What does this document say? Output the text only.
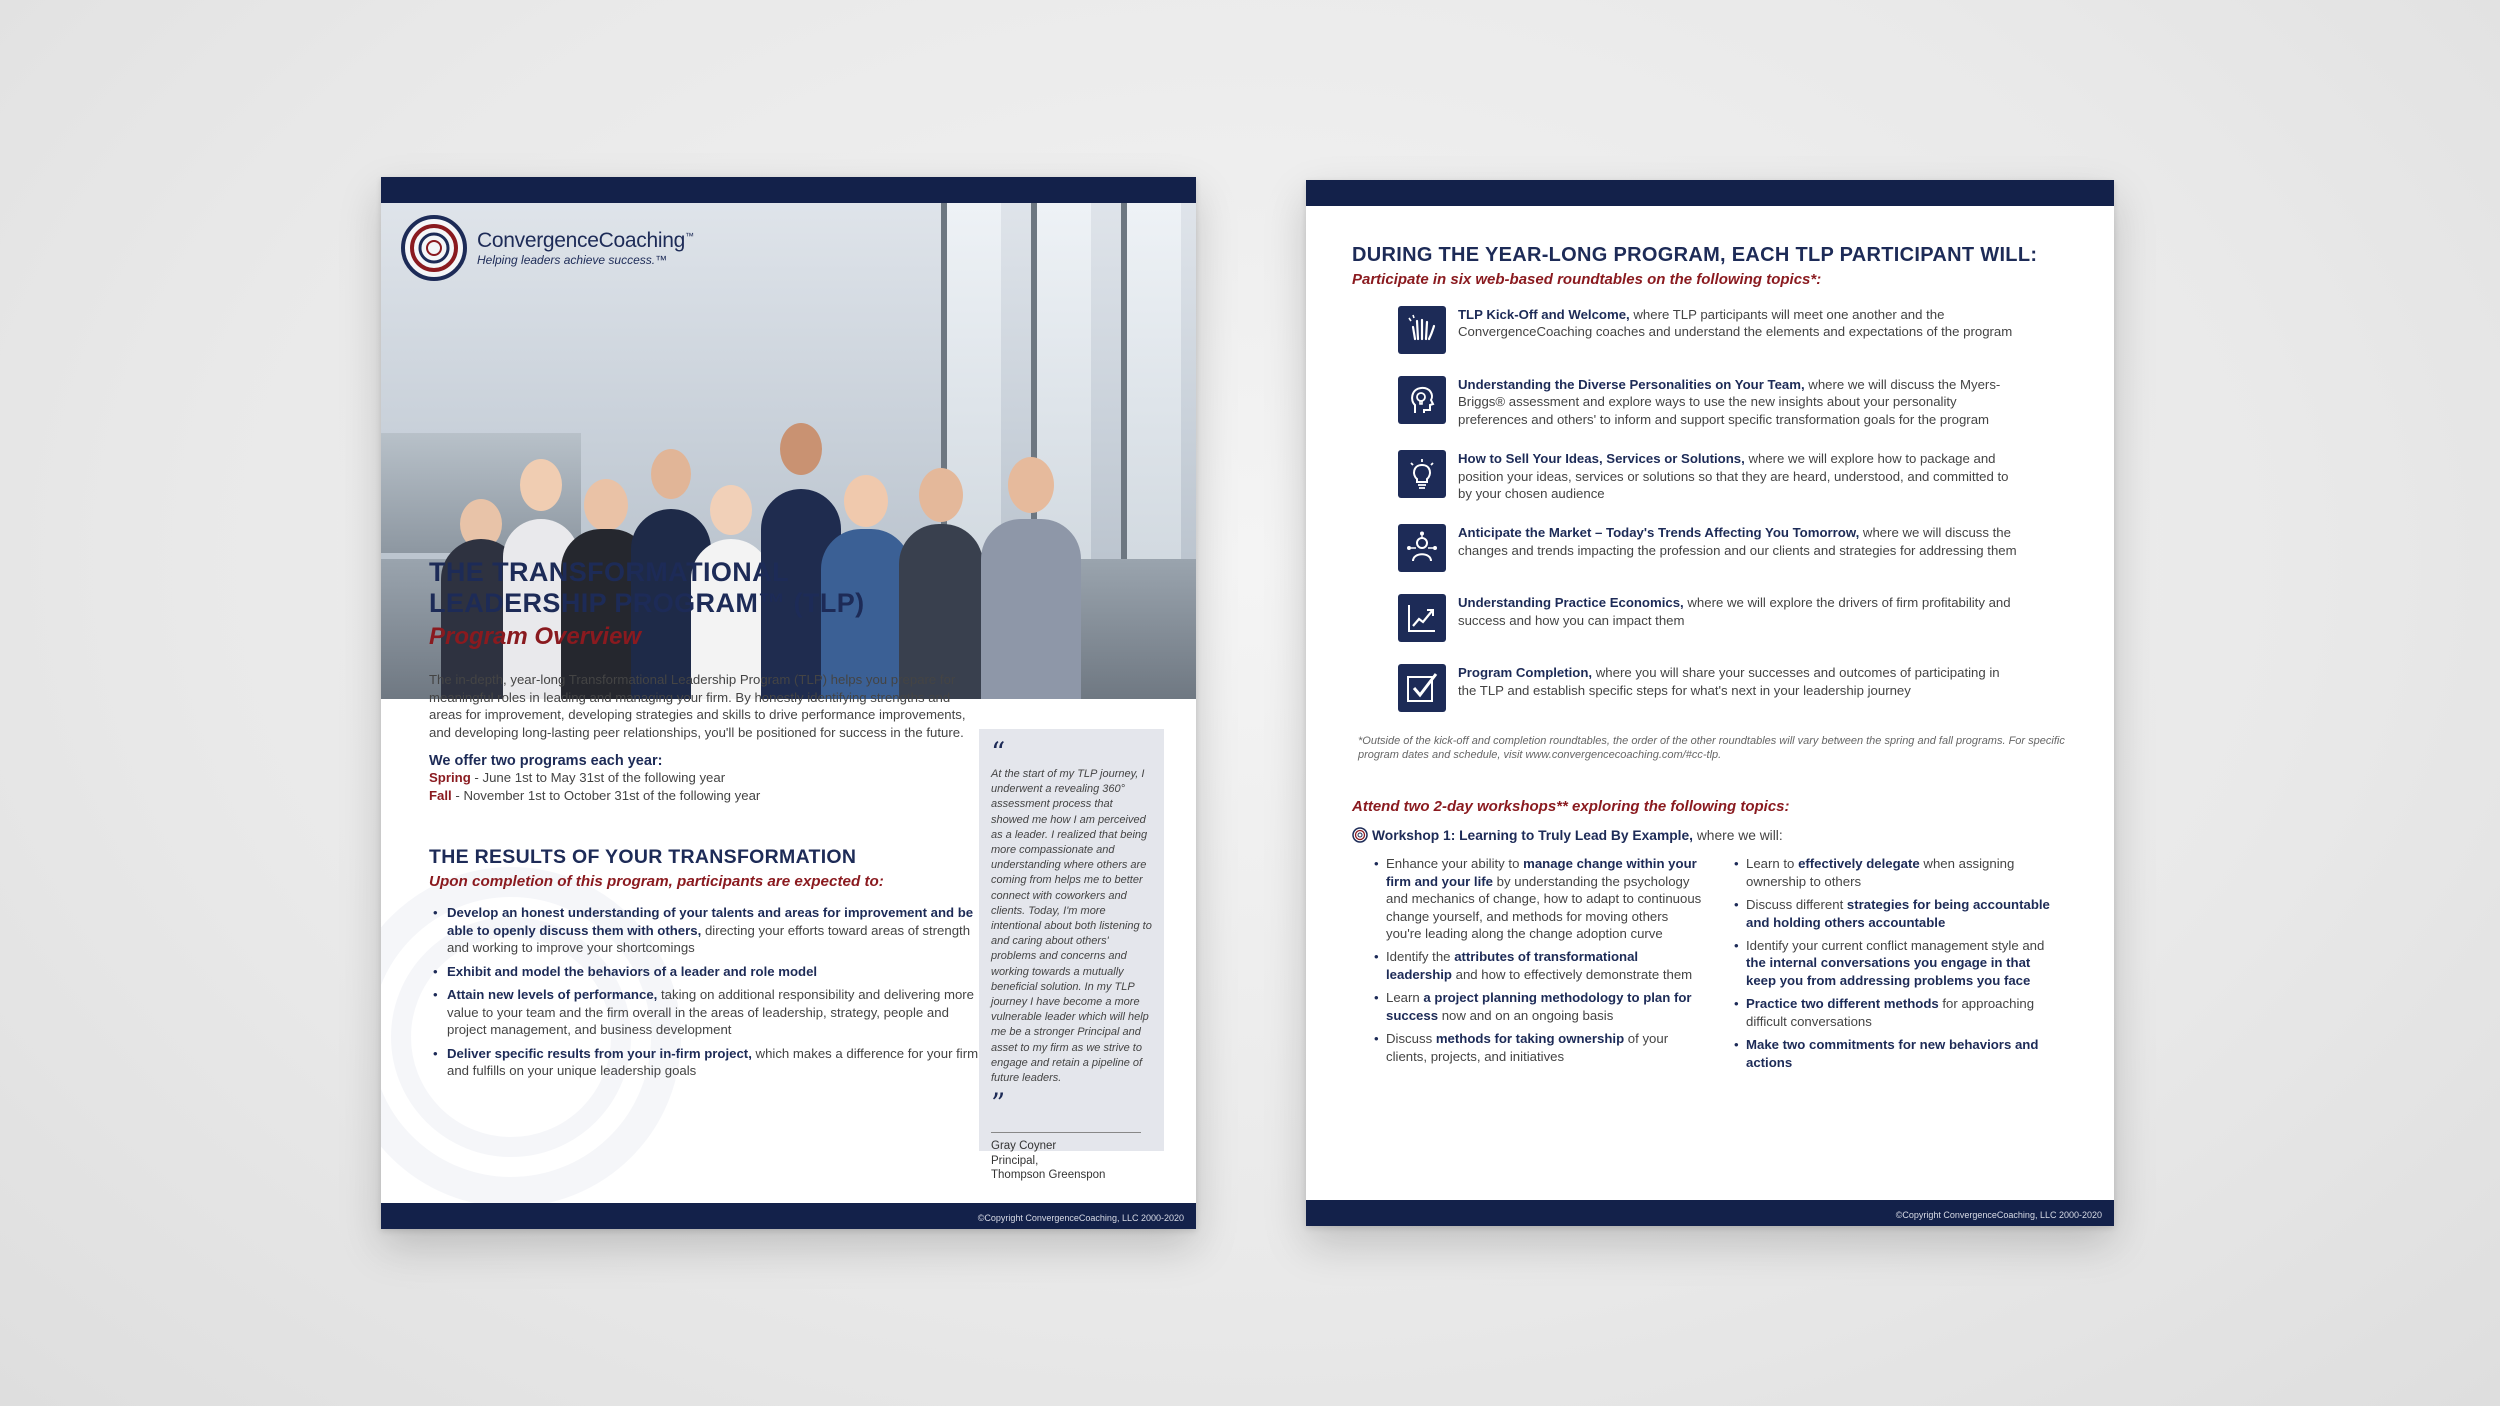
ConvergenceCoaching™
Helping leaders achieve success.™
THE TRANSFORMATIONAL
LEADERSHIP PROGRAM™ (TLP)
Program Overview

The in-depth, year-long Transformational Leadership Program (TLP) helps you prepare for meaningful roles in leading and managing your firm. By honestly identifying strengths and areas for improvement, developing strategies and skills to drive performance improvements, and developing long-lasting peer relationships, you'll be positioned for success in the future.

We offer two programs each year:
Spring - June 1st to May 31st of the following year
Fall - November 1st to October 31st of the following year
THE RESULTS OF YOUR TRANSFORMATION
Upon completion of this program, participants are expected to:
• Develop an honest understanding of your talents and areas for improvement and be able to openly discuss them with others, directing your efforts toward areas of strength and working to improve your shortcomings
• Exhibit and model the behaviors of a leader and role model
• Attain new levels of performance, taking on additional responsibility and delivering more value to your team and the firm overall in the areas of leadership, strategy, people and project management, and business development
• Deliver specific results from your in-firm project, which makes a difference for your firm and fulfills on your unique leadership goals
“

At the start of my TLP journey, I underwent a revealing 360° assessment process that showed me how I am perceived as a leader. I realized that being more compassionate and understanding where others are coming from helps me to better connect with coworkers and clients. Today, I'm more intentional about both listening to and caring about others' problems and concerns and working towards a mutually beneficial solution. In my TLP journey I have become a more vulnerable leader which will help me be a stronger Principal and asset to my firm as we strive to engage and retain a pipeline of future leaders.

”
Gray Coyner
Principal,
Thompson Greenspon
©Copyright ConvergenceCoaching, LLC 2000-2020
DURING THE YEAR-LONG PROGRAM, EACH TLP PARTICIPANT WILL:
Participate in six web-based roundtables on the following topics*:
TLP Kick-Off and Welcome, where TLP participants will meet one another and the ConvergenceCoaching coaches and understand the elements and expectations of the program
Understanding the Diverse Personalities on Your Team, where we will discuss the Myers-Briggs® assessment and explore ways to use the new insights about your personality preferences and others' to inform and support specific transformation goals for the program
How to Sell Your Ideas, Services or Solutions, where we will explore how to package and position your ideas, services or solutions so that they are heard, understood, and committed to by your chosen audience
Anticipate the Market – Today's Trends Affecting You Tomorrow, where we will discuss the changes and trends impacting the profession and our clients and strategies for addressing them
Understanding Practice Economics, where we will explore the drivers of firm profitability and success and how you can impact them
Program Completion, where you will share your successes and outcomes of participating in the TLP and establish specific steps for what's next in your leadership journey

*Outside of the kick-off and completion roundtables, the order of the other roundtables will vary between the spring and fall programs. For specific program dates and schedule, visit www.convergencecoaching.com/#cc-tlp.

Attend two 2-day workshops** exploring the following topics:
Workshop 1: Learning to Truly Lead By Example, where we will:
• Enhance your ability to manage change within your firm and your life by understanding the psychology and mechanics of change, how to adapt to continuous change yourself, and methods for moving others you're leading along the change adoption curve
• Identify the attributes of transformational leadership and how to effectively demonstrate them
• Learn a project planning methodology to plan for success now and on an ongoing basis
• Discuss methods for taking ownership of your clients, projects, and initiatives
• Learn to effectively delegate when assigning ownership to others
• Discuss different strategies for being accountable and holding others accountable
• Identify your current conflict management style and the internal conversations you engage in that keep you from addressing problems you face
• Practice two different methods for approaching difficult conversations
• Make two commitments for new behaviors and actions
©Copyright ConvergenceCoaching, LLC 2000-2020
